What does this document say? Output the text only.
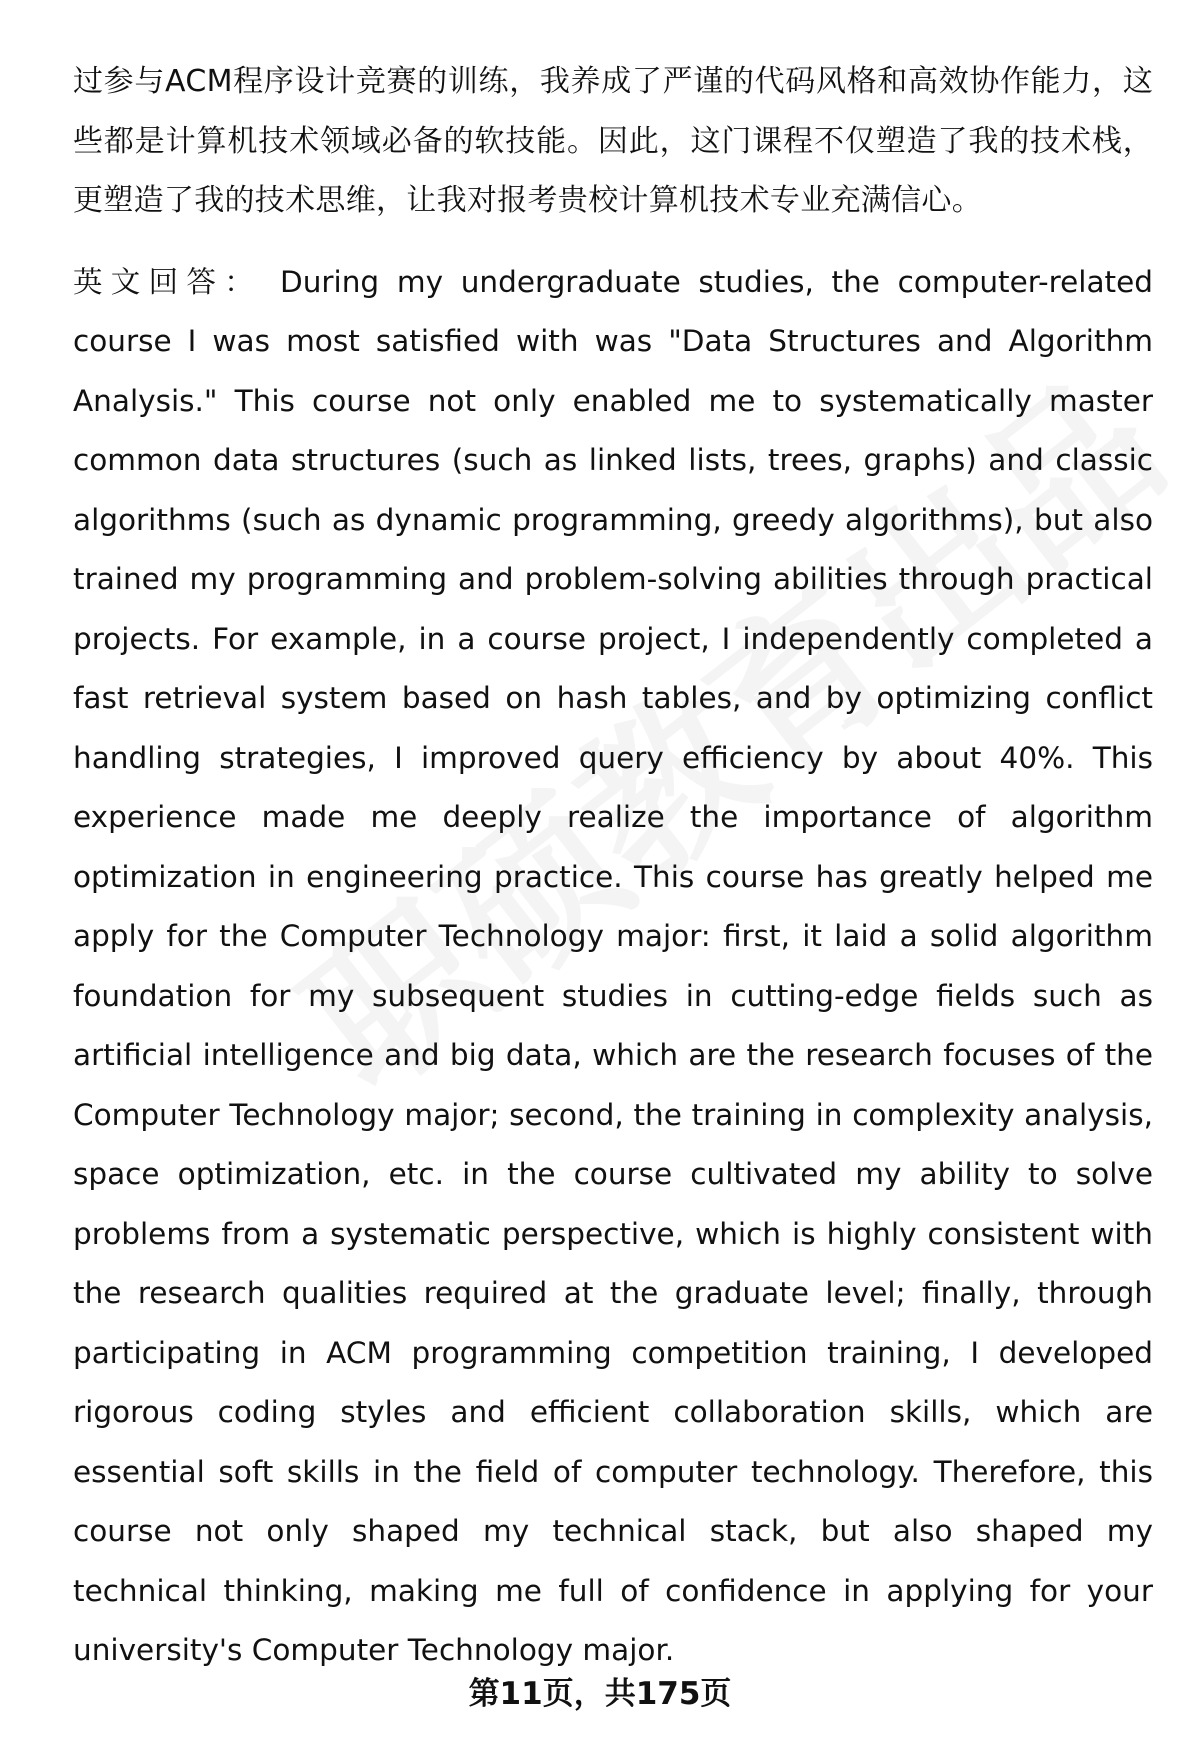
过参与ACM程序设计竞赛的训练，我养成了严谨的代码风格和高效协作能力，这些都是计算机技术领域必备的软技能。因此，这门课程不仅塑造了我的技术栈，更塑造了我的技术思维，让我对报考贵校计算机技术专业充满信心。

英文回答： During my undergraduate studies, the computer-related course I was most satisfied with was "Data Structures and Algorithm Analysis." This course not only enabled me to systematically master common data structures (such as linked lists, trees, graphs) and classic algorithms (such as dynamic programming, greedy algorithms), but also trained my programming and problem-solving abilities through practical projects. For example, in a course project, I independently completed a fast retrieval system based on hash tables, and by optimizing conflict handling strategies, I improved query efficiency by about 40%. This experience made me deeply realize the importance of algorithm optimization in engineering practice. This course has greatly helped me apply for the Computer Technology major: first, it laid a solid algorithm foundation for my subsequent studies in cutting-edge fields such as artificial intelligence and big data, which are the research focuses of the Computer Technology major; second, the training in complexity analysis, space optimization, etc. in the course cultivated my ability to solve problems from a systematic perspective, which is highly consistent with the research qualities required at the graduate level; finally, through participating in ACM programming competition training, I developed rigorous coding styles and efficient collaboration skills, which are essential soft skills in the field of computer technology. Therefore, this course not only shaped my technical stack, but also shaped my technical thinking, making me full of confidence in applying for your university's Computer Technology major.

第11页，共175页
